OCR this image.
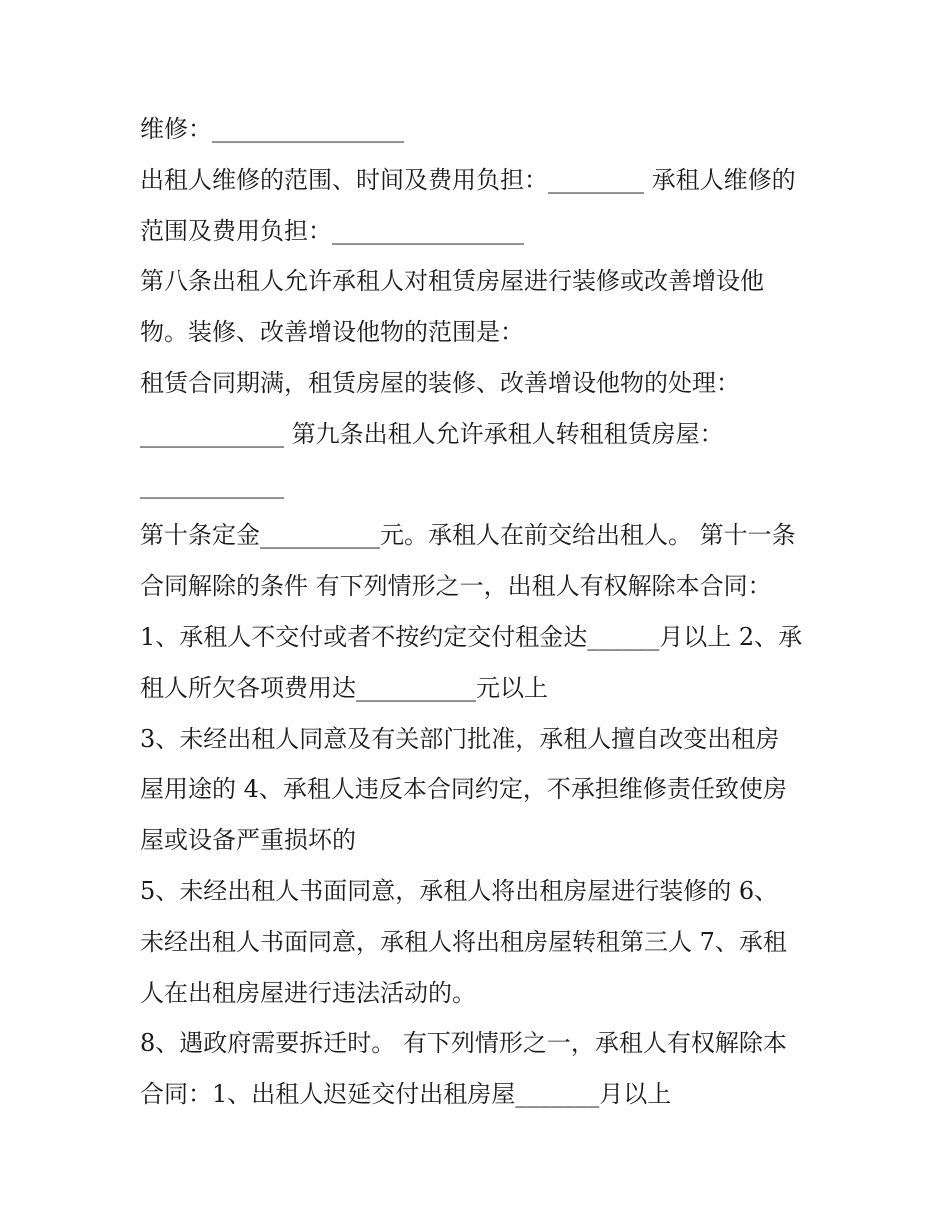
维修：________________
出租人维修的范围、时间及费用负担：________ 承租人维修的
范围及费用负担：________________
第八条出租人允许承租人对租赁房屋进行装修或改善增设他
物。装修、改善增设他物的范围是：
租赁合同期满，租赁房屋的装修、改善增设他物的处理：
____________ 第九条出租人允许承租人转租租赁房屋：
____________
第十条定金__________元。承租人在前交给出租人。 第十一条
合同解除的条件 有下列情形之一，出租人有权解除本合同：
1、承租人不交付或者不按约定交付租金达______月以上 2、承
租人所欠各项费用达__________元以上
3、未经出租人同意及有关部门批准，承租人擅自改变出租房
屋用途的 4、承租人违反本合同约定，不承担维修责任致使房
屋或设备严重损坏的
5、未经出租人书面同意，承租人将出租房屋进行装修的 6、
未经出租人书面同意，承租人将出租房屋转租第三人 7、承租
人在出租房屋进行违法活动的。
8、遇政府需要拆迁时。 有下列情形之一，承租人有权解除本
合同：1、出租人迟延交付出租房屋_______月以上
